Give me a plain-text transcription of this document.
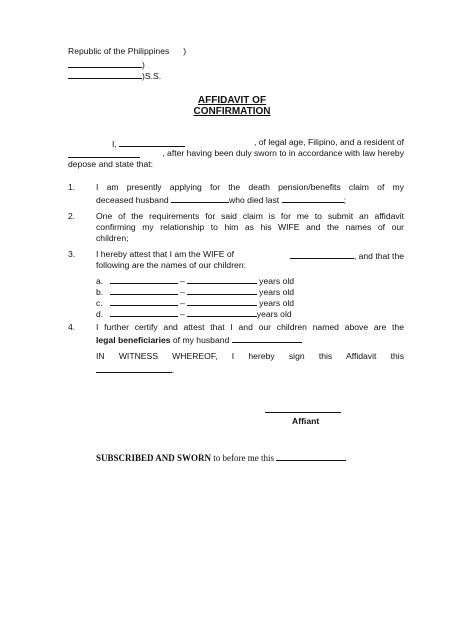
Republic of the Philippines )
)
)S.S.
AFFIDAVIT OF
CONFIRMATION
I,	, of legal age, Filipino, and a resident of
, after having been duly sworn to in accordance with law hereby
depose and state that:
1.	I am presently applying for the death pension/benefits claim of my
deceased husband	who died last	;
2.	One of the requirements for said claim is for me to submit an affidavit
confirming my relationship to him as his WIFE and the names of our
children;
3.	I hereby attest that I am the WIFE of	, and that the
following are the names of our children:
a.	–	years old
b.	–	years old
c.	–	years old
d.	–	years old
4.	I further certify and attest that I and our children named above are the
legal beneficiaries of my husband
IN WITNESS WHEREOF, I hereby sign this Affidavit this
.
Affiant
SUBSCRIBED AND SWORN to before me this
